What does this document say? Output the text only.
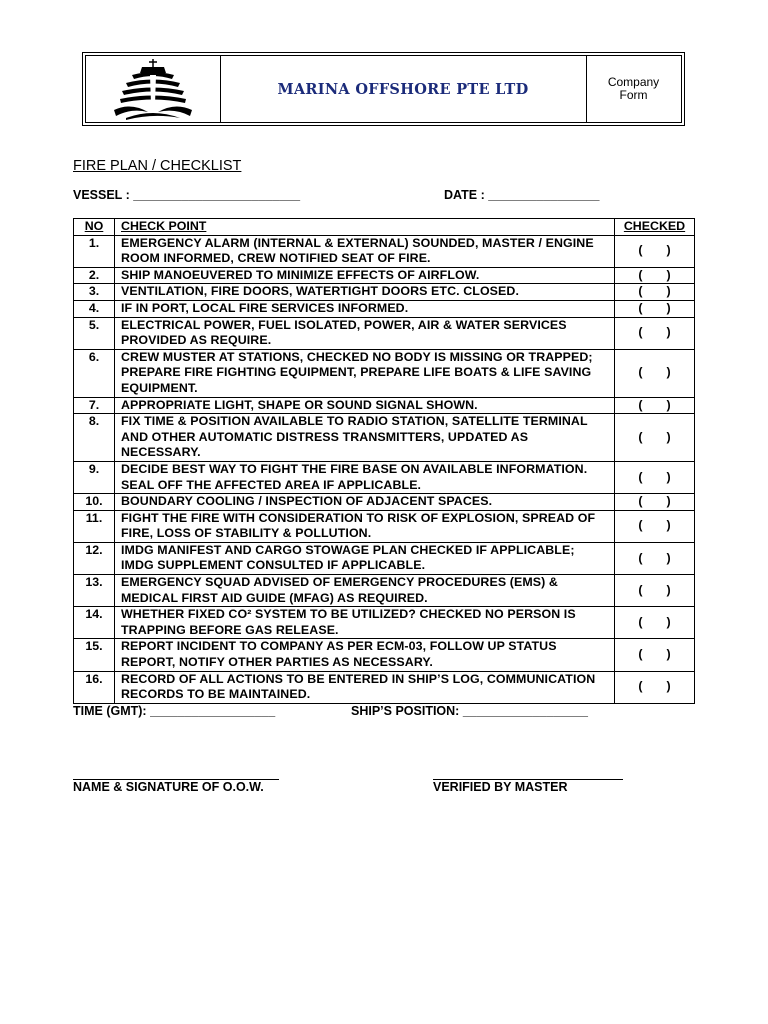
MARINA OFFSHORE PTE LTD	Company
Form
FIRE PLAN / CHECKLIST
VESSEL : ________________________	DATE : ________________
NO	CHECK POINT	CHECKED
1.	EMERGENCY ALARM (INTERNAL & EXTERNAL) SOUNDED, MASTER / ENGINE ROOM INFORMED, CREW NOTIFIED SEAT OF FIRE.	(       )
2.	SHIP MANOEUVERED TO MINIMIZE EFFECTS OF AIRFLOW.	(       )
3.	VENTILATION, FIRE DOORS, WATERTIGHT DOORS ETC. CLOSED.	(       )
4.	IF IN PORT, LOCAL FIRE SERVICES INFORMED.	(       )
5.	ELECTRICAL POWER, FUEL ISOLATED, POWER, AIR & WATER SERVICES PROVIDED AS REQUIRE.	(       )
6.	CREW MUSTER AT STATIONS, CHECKED NO BODY IS MISSING OR TRAPPED; PREPARE FIRE FIGHTING EQUIPMENT, PREPARE LIFE BOATS & LIFE SAVING EQUIPMENT.	(       )
7.	APPROPRIATE LIGHT, SHAPE OR SOUND SIGNAL SHOWN.	(       )
8.	FIX TIME & POSITION AVAILABLE TO RADIO STATION, SATELLITE TERMINAL AND OTHER AUTOMATIC DISTRESS TRANSMITTERS, UPDATED AS NECESSARY.	(       )
9.	DECIDE BEST WAY TO FIGHT THE FIRE BASE ON AVAILABLE INFORMATION. SEAL OFF THE AFFECTED AREA IF APPLICABLE.	(       )
10.	BOUNDARY COOLING / INSPECTION OF ADJACENT SPACES.	(       )
11.	FIGHT THE FIRE WITH CONSIDERATION TO RISK OF EXPLOSION, SPREAD OF FIRE, LOSS OF STABILITY & POLLUTION.	(       )
12.	IMDG MANIFEST AND CARGO STOWAGE PLAN CHECKED IF APPLICABLE; IMDG SUPPLEMENT CONSULTED IF APPLICABLE.	(       )
13.	EMERGENCY SQUAD ADVISED OF EMERGENCY PROCEDURES (EMS) & MEDICAL FIRST AID GUIDE (MFAG) AS REQUIRED.	(       )
14.	WHETHER FIXED CO² SYSTEM TO BE UTILIZED? CHECKED NO PERSON IS TRAPPING BEFORE GAS RELEASE.	(       )
15.	REPORT INCIDENT TO COMPANY AS PER ECM-03, FOLLOW UP STATUS REPORT, NOTIFY OTHER PARTIES AS NECESSARY.	(       )
16.	RECORD OF ALL ACTIONS TO BE ENTERED IN SHIP’S LOG, COMMUNICATION RECORDS TO BE MAINTAINED.	(       )
TIME (GMT): __________________	SHIP’S POSITION: __________________
NAME & SIGNATURE OF O.O.W.	VERIFIED BY MASTER
